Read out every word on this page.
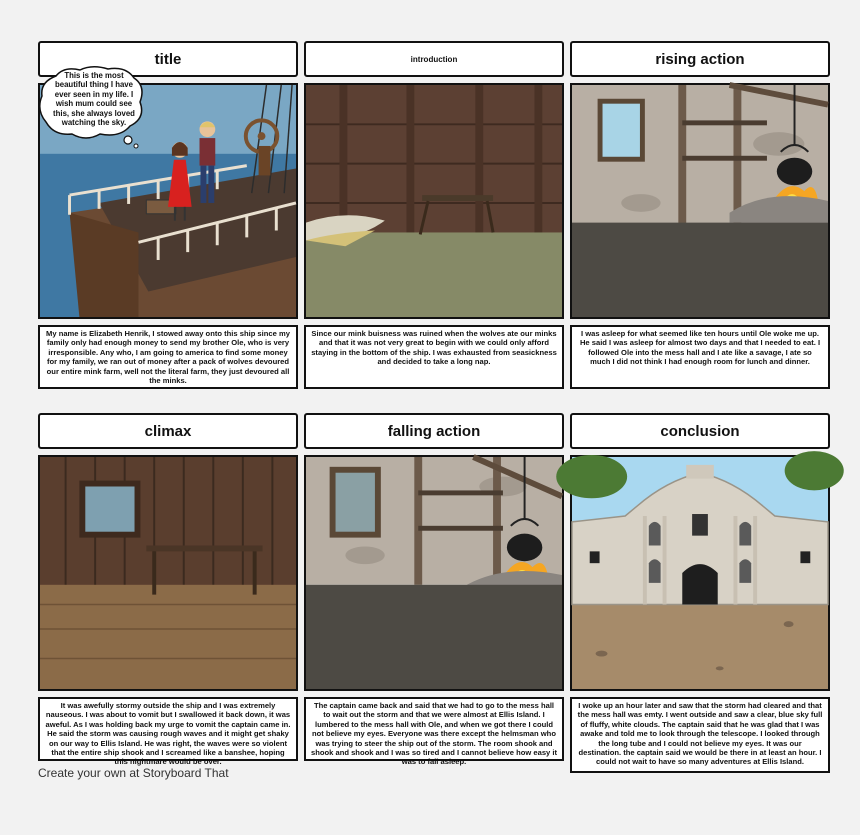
title
This is the most beautiful thing I have ever seen in my life. I wish mum could see this, she always loved watching the sky.
My name is Elizabeth Henrik, I stowed away onto this ship since my family only had enough money to send my brother Ole, who is very irresponsible. Any who, I am going to america to find some money for my family, we ran out of money after a pack of wolves devoured our entire mink farm, well not the literal farm, they just devoured all the minks.
introduction
Since our mink buisness was ruined when the wolves ate our minks and that it was not very great to begin with we could only afford staying in the bottom of the ship. I was exhausted from seasickness and decided to take a long nap.
rising action
I was asleep for what seemed like ten hours until Ole woke me up. He said I was asleep for almost two days and that I needed to eat. I followed Ole into the mess hall and I ate like a savage, I ate so much I did not think I had enough room for lunch and dinner.
climax
It was awefully stormy outside the ship and I was extremely nauseous. I was about to vomit but I swallowed it back down, it was aweful. As I was holding back my urge to vomit the captain came in. He said the storm was causing rough waves and it might get shaky on our way to Ellis Island. He was right, the waves were so violent that the entire ship shook and I screamed like a banshee, hoping this nightmare would be over.
falling action
The captain came back and said that we had to go to the mess hall to wait out the storm and that we were almost at Ellis Island. I lumbered to the mess hall with Ole, and when we got there I could not believe my eyes. Everyone was there except the helmsman who was trying to steer the ship out of the storm. The room shook and shook and shook and I was so tired and I cannot believe how easy it was to fall asleep.
conclusion
I woke up an hour later and saw that the storm had cleared and that the mess hall was emty. I went outside and saw a clear, blue sky full of fluffy, white clouds. The captain said that he was glad that I was awake and told me to look through the telescope. I looked through the long tube and I could not believe my eyes. It was our destination. the captain said we would be there in at least an hour. I could not wait to have so many adventures at Ellis Island.
Create your own at Storyboard That
